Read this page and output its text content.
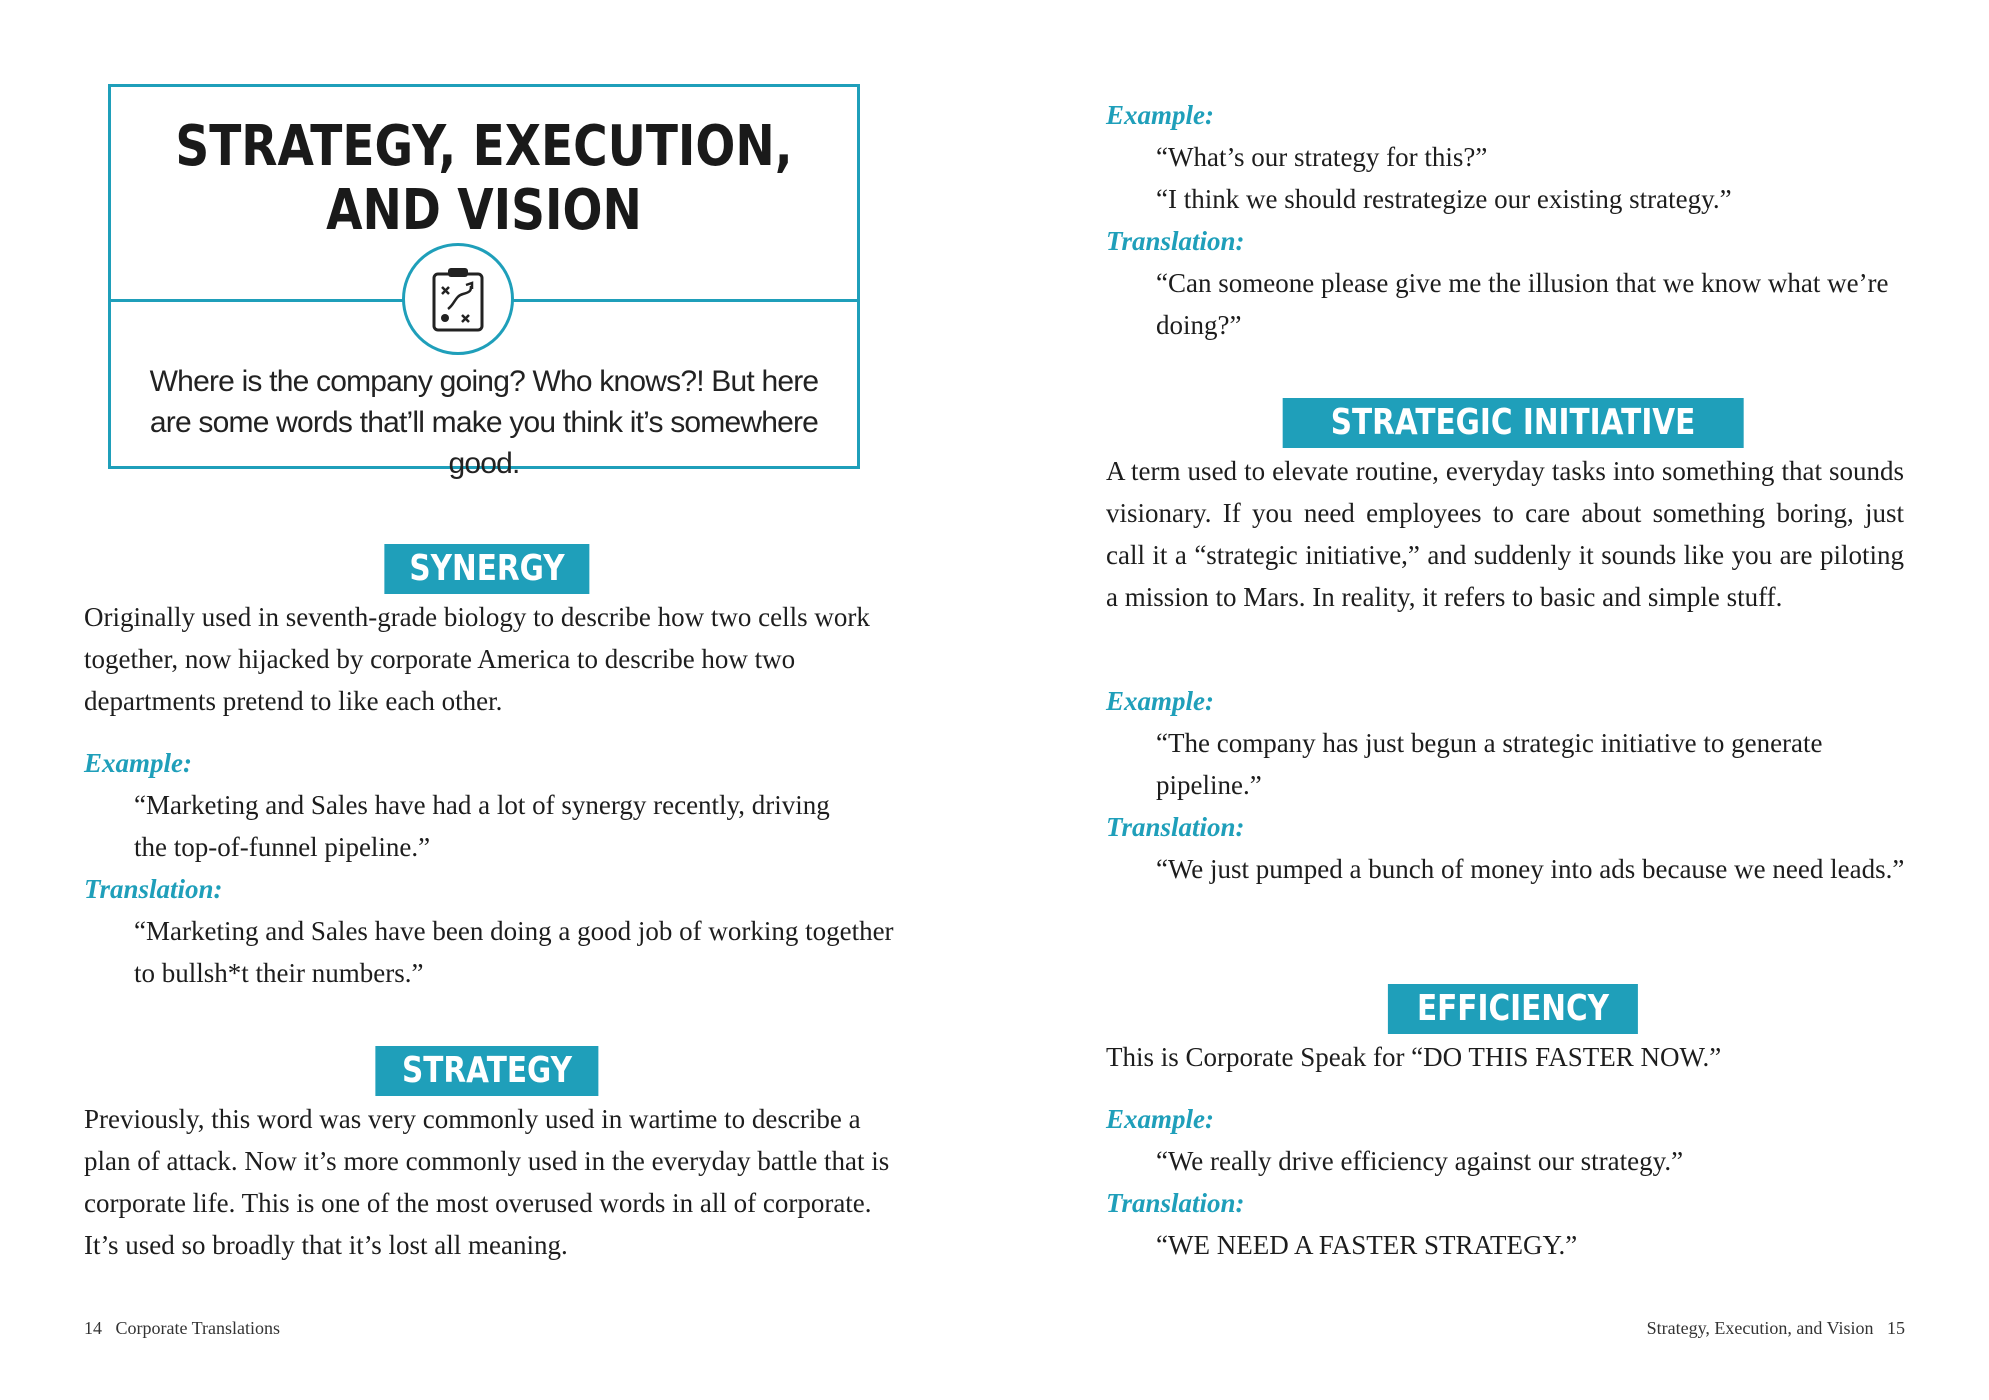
STRATEGY, EXECUTION,
AND VISION

Where is the company going? Who knows?! But here are some words that’ll make you think it’s somewhere good.

SYNERGY

Originally used in seventh-grade biology to describe how two cells work together, now hijacked by corporate America to describe how two departments pretend to like each other.

Example:

“Marketing and Sales have had a lot of synergy recently, driving the top-of-funnel pipeline.”

Translation:

“Marketing and Sales have been doing a good job of working together to bullsh*t their numbers.”

STRATEGY

Previously, this word was very commonly used in wartime to describe a plan of attack. Now it’s more commonly used in the everyday battle that is corporate life. This is one of the most overused words in all of corporate. It’s used so broadly that it’s lost all meaning.

14 Corporate Translations

Example:

“What’s our strategy for this?”

“I think we should restrategize our existing strategy.”

Translation:

“Can someone please give me the illusion that we know what we’re doing?”

STRATEGIC INITIATIVE

A term used to elevate routine, everyday tasks into something that sounds visionary. If you need employees to care about something boring, just call it a “strategic initiative,” and suddenly it sounds like you are piloting a mission to Mars. In reality, it refers to basic and simple stuff.

Example:

“The company has just begun a strategic initiative to generate pipeline.”

Translation:

“We just pumped a bunch of money into ads because we need leads.”

EFFICIENCY

This is Corporate Speak for “DO THIS FASTER NOW.”

Example:

“We really drive efficiency against our strategy.”

Translation:

“WE NEED A FASTER STRATEGY.”

Strategy, Execution, and Vision 15
